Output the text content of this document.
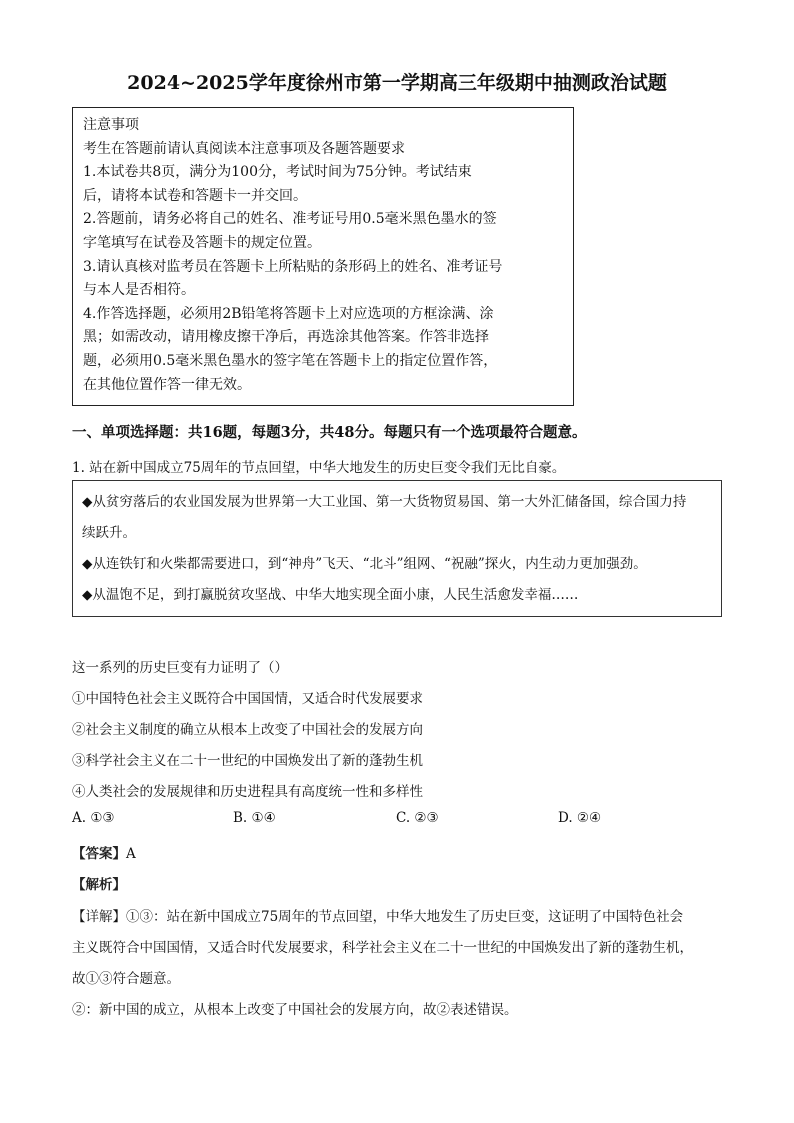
2024~2025学年度徐州市第一学期高三年级期中抽测政治试题

注意事项

考生在答题前请认真阅读本注意事项及各题答题要求

1.本试卷共8页，满分为100分，考试时间为75分钟。考试结束

后，请将本试卷和答题卡一并交回。

2.答题前，请务必将自己的姓名、准考证号用0.5毫米黑色墨水的签

字笔填写在试卷及答题卡的规定位置。

3.请认真核对监考员在答题卡上所粘贴的条形码上的姓名、准考证号

与本人是否相符。

4.作答选择题，必须用2B铅笔将答题卡上对应选项的方框涂满、涂

黑；如需改动，请用橡皮擦干净后，再选涂其他答案。作答非选择

题，必须用0.5毫米黑色墨水的签字笔在答题卡上的指定位置作答，

在其他位置作答一律无效。

一、单项选择题：共16题，每题3分，共48分。每题只有一个选项最符合题意。
1. 站在新中国成立75周年的节点回望，中华大地发生的历史巨变令我们无比自豪。

◆从贫穷落后的农业国发展为世界第一大工业国、第一大货物贸易国、第一大外汇储备国，综合国力持

续跃升。

◆从连铁钉和火柴都需要进口，到“神舟”飞天、“北斗”组网、“祝融”探火，内生动力更加强劲。

◆从温饱不足，到打赢脱贫攻坚战、中华大地实现全面小康，人民生活愈发幸福……

这一系列的历史巨变有力证明了（）
①中国特色社会主义既符合中国国情，又适合时代发展要求
②社会主义制度的确立从根本上改变了中国社会的发展方向
③科学社会主义在二十一世纪的中国焕发出了新的蓬勃生机
④人类社会的发展规律和历史进程具有高度统一性和多样性
A. ①③	B. ①④	C. ②③	D. ②④
【答案】A
【解析】
【详解】①③：站在新中国成立75周年的节点回望，中华大地发生了历史巨变，这证明了中国特色社会
主义既符合中国国情，又适合时代发展要求，科学社会主义在二十一世纪的中国焕发出了新的蓬勃生机，
故①③符合题意。
②：新中国的成立，从根本上改变了中国社会的发展方向，故②表述错误。
